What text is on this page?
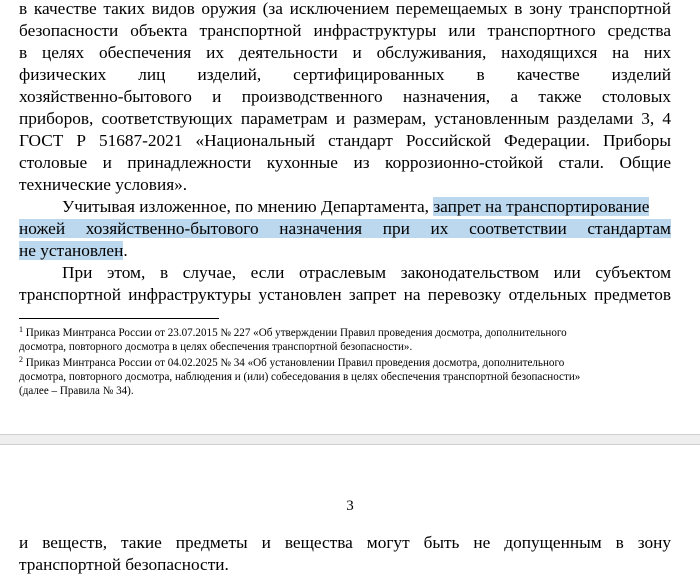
в качестве таких видов оружия (за исключением перемещаемых в зону транспортной
безопасности объекта транспортной инфраструктуры или транспортного средства
в целях обеспечения их деятельности и обслуживания, находящихся на них
физических лиц изделий, сертифицированных в качестве изделий
хозяйственно-бытового и производственного назначения, а также столовых
приборов, соответствующих параметрам и размерам, установленным разделами 3, 4
ГОСТ Р 51687-2021 «Национальный стандарт Российской Федерации. Приборы
столовые и принадлежности кухонные из коррозионно-стойкой стали. Общие
технические условия».
Учитывая изложенное, по мнению Департамента, запрет на транспортирование
ножей хозяйственно-бытового назначения при их соответствии стандартам
не установлен.
При этом, в случае, если отраслевым законодательством или субъектом
транспортной инфраструктуры установлен запрет на перевозку отдельных предметов
$^1$ Приказ Минтранса России от 23.07.2015 № 227 «Об утверждении Правил проведения досмотра, дополнительного
досмотра, повторного досмотра в целях обеспечения транспортной безопасности».
$^2$ Приказ Минтранса России от 04.02.2025 № 34 «Об установлении Правил проведения досмотра, дополнительного
досмотра, повторного досмотра, наблюдения и (или) собеседования в целях обеспечения транспортной безопасности»
(далее – Правила № 34).
3
и веществ, такие предметы и вещества могут быть не допущенным в зону
транспортной безопасности.
